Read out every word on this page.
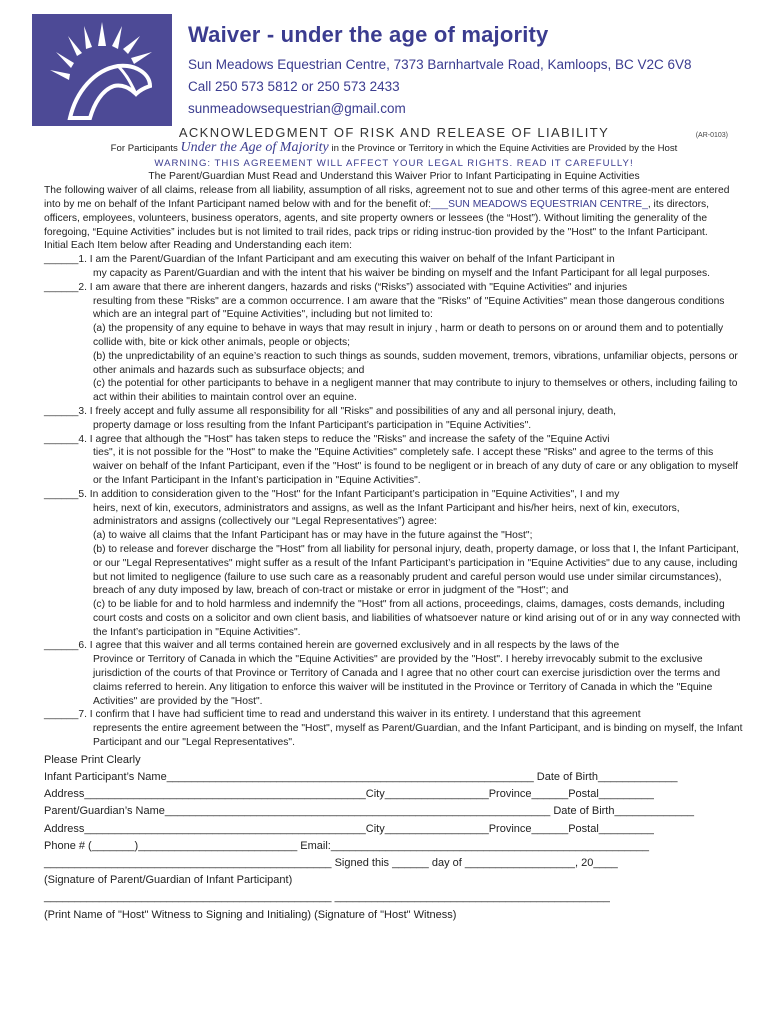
Waiver - under the age of majority
Sun Meadows Equestrian Centre, 7373 Barnhartvale Road, Kamloops, BC V2C 6V8
Call 250 573 5812 or 250 573 2433
sunmeadowsequestrian@gmail.com
ACKNOWLEDGMENT OF RISK AND RELEASE OF LIABILITY	(AR-0103)
For Participants Under the Age of Majority in the Province or Territory in which the Equine Activities are Provided by the Host
WARNING: THIS AGREEMENT WILL AFFECT YOUR LEGAL RIGHTS. READ IT CAREFULLY!
The Parent/Guardian Must Read and Understand this Waiver Prior to Infant Participating in Equine Activities

The following waiver of all claims, release from all liability, assumption of all risks, agreement not to sue and other terms of this agree-ment are entered into by me on behalf of the Infant Participant named below with and for the benefit of:___SUN MEADOWS EQUESTRIAN CENTRE_, its directors, officers, employees, volunteers, business operators, agents, and site property owners or lessees (the “Host”). Without limiting the generality of the foregoing, “Equine Activities” includes but is not limited to trail rides, pack trips or riding instruc-tion provided by the "Host" to the Infant Participant.

Initial Each Item below after Reading and Understanding each item:

______1. I am the Parent/Guardian of the Infant Participant and am executing this waiver on behalf of the Infant Participant in
my capacity as Parent/Guardian and with the intent that his waiver be binding on myself and the Infant Participant for all legal purposes.
______2. I am aware that there are inherent dangers, hazards and risks (“Risks”) associated with "Equine Activities" and injuries
resulting from these "Risks" are a common occurrence. I am aware that the "Risks" of "Equine Activities" mean those dangerous conditions which are an integral part of "Equine Activities", including but not limited to:
(a) the propensity of any equine to behave in ways that may result in injury , harm or death to persons on or around them and to potentially collide with, bite or kick other animals, people or objects;
(b) the unpredictability of an equine’s reaction to such things as sounds, sudden movement, tremors, vibrations, unfamiliar objects, persons or other animals and hazards such as subsurface objects; and
(c) the potential for other participants to behave in a negligent manner that may contribute to injury to themselves or others, including failing to act within their abilities to maintain control over an equine.
______3. I freely accept and fully assume all responsibility for all "Risks" and possibilities of any and all personal injury, death,
property damage or loss resulting from the Infant Participant’s participation in "Equine Activities".
______4. I agree that although the "Host" has taken steps to reduce the "Risks" and increase the safety of the "Equine Activi
ties", it is not possible for the "Host" to make the "Equine Activities" completely safe. I accept these "Risks" and agree to the terms of this waiver on behalf of the Infant Participant, even if the "Host" is found to be negligent or in breach of any duty of care or any obligation to myself or the Infant Participant in the Infant’s participation in "Equine Activities".
______5. In addition to consideration given to the "Host" for the Infant Participant’s participation in "Equine Activities", I and my
heirs, next of kin, executors, administrators and assigns, as well as the Infant Participant and his/her heirs, next of kin, executors, administrators and assigns (collectively our “Legal Representatives”) agree:
(a) to waive all claims that the Infant Participant has or may have in the future against the "Host";
(b) to release and forever discharge the "Host" from all liability for personal injury, death, property damage, or loss that I, the Infant Participant, or our "Legal Representatives" might suffer as a result of the Infant Participant’s participation in "Equine Activities" due to any cause, including but not limited to negligence (failure to use such care as a reasonably prudent and careful person would use under similar circumstances), breach of any duty imposed by law, breach of con-tract or mistake or error in judgment of the "Host"; and
(c) to be liable for and to hold harmless and indemnify the "Host" from all actions, proceedings, claims, damages, costs demands, including court costs and costs on a solicitor and own client basis, and liabilities of whatsoever nature or kind arising out of or in any way connected with the Infant’s participation in "Equine Activities".
______6. I agree that this waiver and all terms contained herein are governed exclusively and in all respects by the laws of the
Province or Territory of Canada in which the "Equine Activities" are provided by the "Host". I hereby irrevocably submit to the exclusive jurisdiction of the courts of that Province or Territory of Canada and I agree that no other court can exercise jurisdiction over the terms and claims referred to herein. Any litigation to enforce this waiver will be instituted in the Province or Territory of Canada in which the "Equine Activities" are provided by the "Host".
______7. I confirm that I have had sufficient time to read and understand this waiver in its entirety. I understand that this agreement
represents the entire agreement between the "Host", myself as Parent/Guardian, and the Infant Participant, and is binding on myself, the Infant Participant and our "Legal Representatives".
Please Print Clearly
Infant Participant’s Name____________________________________________________________ Date of Birth_____________
Address______________________________________________City_________________Province______Postal_________
Parent/Guardian’s Name_______________________________________________________________ Date of Birth_____________
Address______________________________________________City_________________Province______Postal_________
Phone # (_______)__________________________ Email:____________________________________________________
_______________________________________________ Signed this ______ day of __________________, 20____
(Signature of Parent/Guardian of Infant Participant)
_______________________________________________ _____________________________________________
(Print Name of "Host" Witness to Signing and Initialing) (Signature of "Host" Witness)
